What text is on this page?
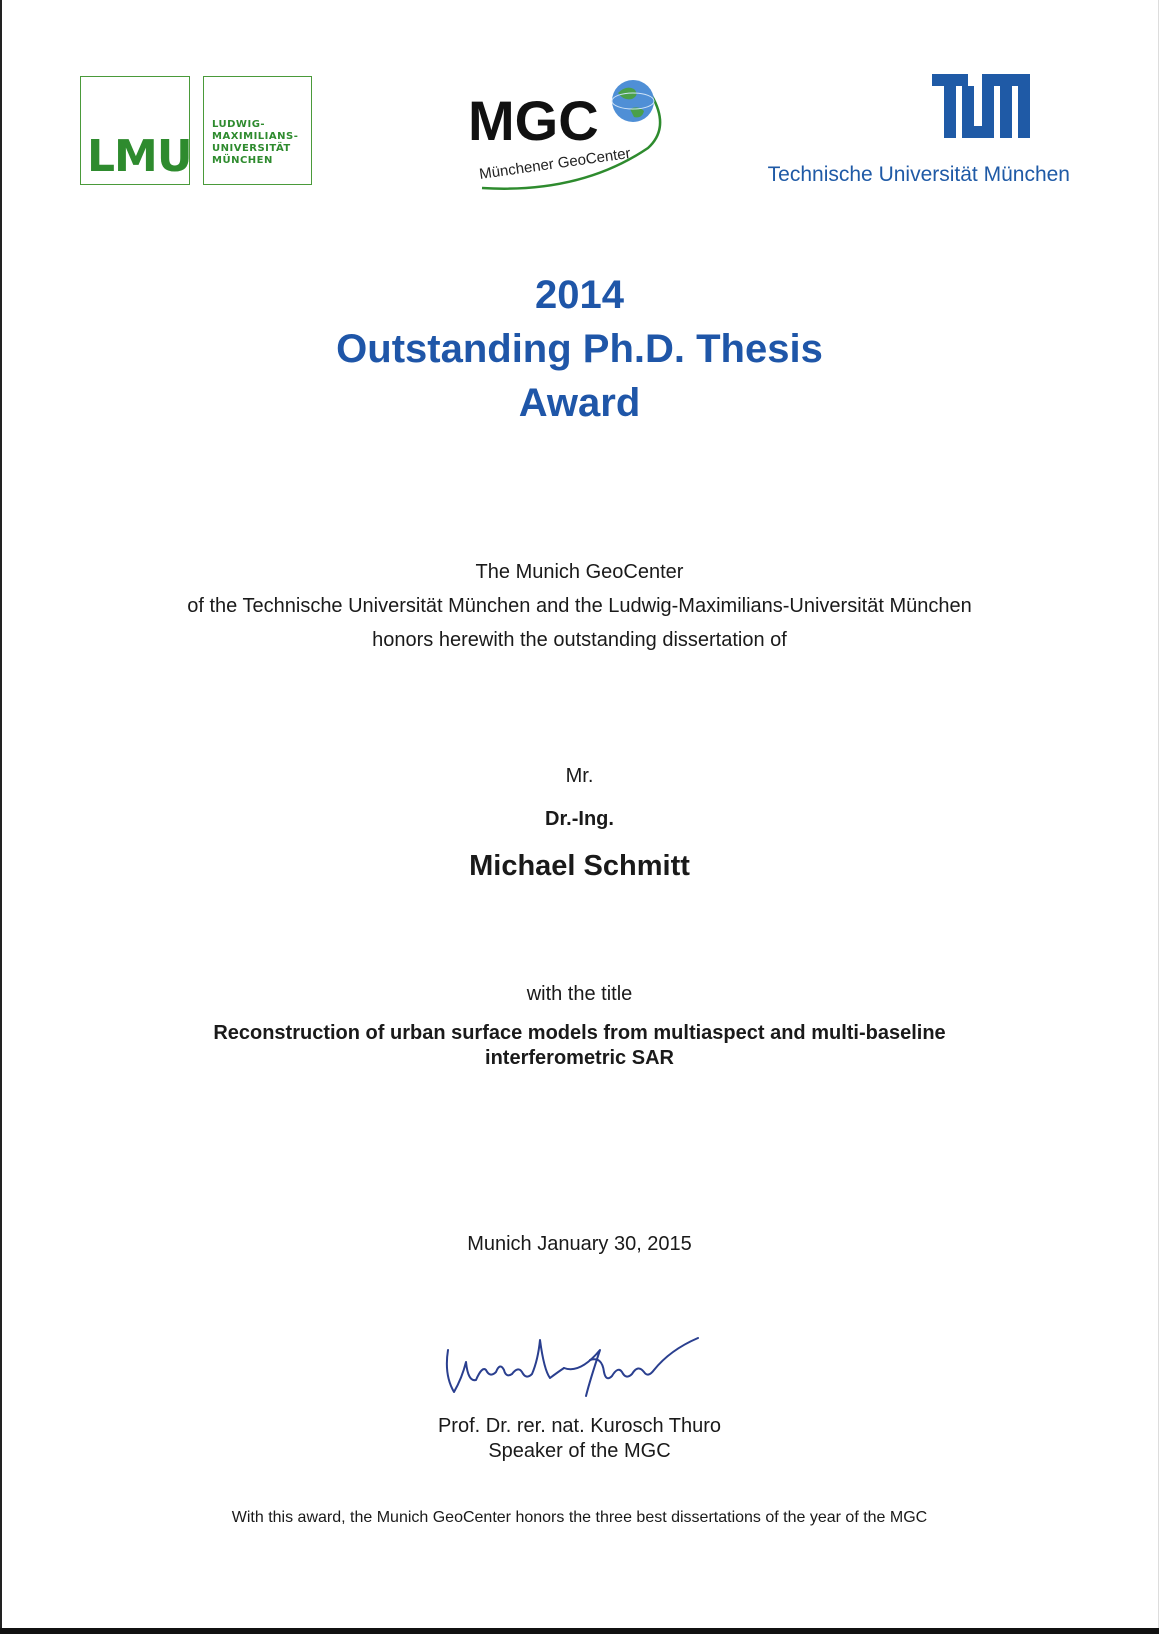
LMU
LUDWIG-
MAXIMILIANS-
UNIVERSITÄT
MÜNCHEN
MGC
Münchener GeoCenter	Technische Universität München
2014
Outstanding Ph.D. Thesis
Award
The Munich GeoCenter
of the Technische Universität München and the Ludwig-Maximilians-Universität München
honors herewith the outstanding dissertation of
Mr.
Dr.-Ing.
Michael Schmitt
with the title
Reconstruction of urban surface models from multiaspect and multi-baseline
interferometric SAR
Munich January 30, 2015
Prof. Dr. rer. nat. Kurosch Thuro
Speaker of the MGC
With this award, the Munich GeoCenter honors the three best dissertations of the year of the MGC
